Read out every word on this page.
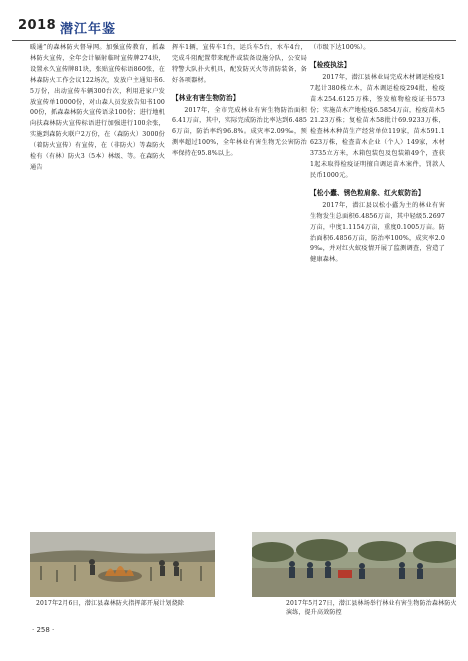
2018 潜江年鉴

暖通”的森林防火督导网。加强宣传教育，抓森林防火宣传，全年会计辐射临时宣传牌274块，设置永久宣传牌81块，张贴宣传标语860张，在林森防火工作会议122场次，发放户主通知书6.5万份，出动宣传车辆300台次，利用进家户发放宣传单10000份，对山森人员发放告知书10000份，抓森森林防火宣传语录100份；进行地机向扶森林防火宣传标语进行加强进行100余张，实施到森防火联户2万份，在（森防火）3000份（着防火宣传）有宣传，在（非防火）等森防火检有（有林）防火3（5本）林级、等。在森防火通告

挥车1辆，宣传车1台，运兵车5台，水车4台，完成斗阻配置带来配件或装备设施分队，公安局特警大队扑火机具，配发防灭火等消防装备，备好各项器材。

【林业有害生物防治】

2017年，全市完成林业有害生物防治面积6.41万亩，其中，实际完成防治比率达到6.4856万亩，防治率约96.8%。成灾率2.09‰，预测率超过100%，全年林业有害生物无公害防治率保持在95.8%以上。

（市级下达100%）。

【检疫执法】

2017年，潜江县林业局完成木材调运检疫17起计380株立木，苗木调运检疫294批，检疫苗木254.6125万株，签发植物检疫证书573份；实施苗木产地检疫6.5854万亩，检疫苗木521.23万株；复检苗木58批计69.9233万株，检查林木种苗生产经营单位119家，苗木591.1623万株，检查苗木企业（个人）149家，木材3735立方米，木箱包装包及包装箱49个，查获1起未取得检疫证明擅自调运苗木案件，罚款人民币1000元。

【松小蠹、锈色粒肩象、红火蚁防治】

2017年，潜江县以松小蠹为主的林业有害生物发生总面积6.4856万亩，其中轻级5.2697万亩，中度1.1154万亩，重度0.1005万亩。防治面积6.4856万亩，防治率100%，成灾率2.09‰，并对红火蚁疫情开展了监测调查，营造了健康森林。

2017年2月6日，潜江县森林防火指挥部开展计划烧除	2017年5月27日，潜江县林场举行林业有害生物防治森林防火演练，提升高效防控
· 258 ·
